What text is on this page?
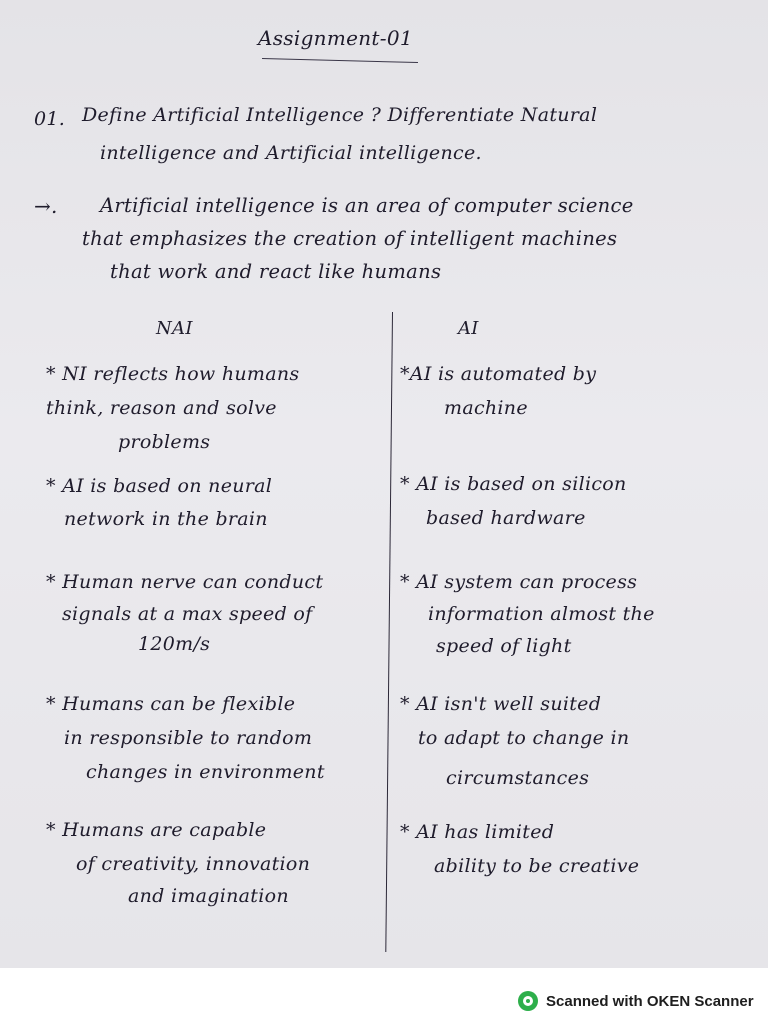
Assignment-01
01. Define Artificial Intelligence ? Differentiate Natural
intelligence and Artificial intelligence.
→. Artificial intelligence is an area of computer science
that emphasizes the creation of intelligent machines
that work and react like humans
NAI	AI
* NI reflects how humans
think, reason and solve
problems
*AI is automated by
machine
* AI is based on neural
network in the brain
* AI is based on silicon
based hardware
* Human nerve can conduct
signals at a max speed of
120m/s
* AI system can process
information almost the
speed of light
* Humans can be flexible
in responsible to random
changes in environment
* AI isn't well suited
to adapt to change in
circumstances
* Humans are capable
of creativity, innovation
and imagination
* AI has limited
ability to be creative
Scanned with OKEN Scanner
